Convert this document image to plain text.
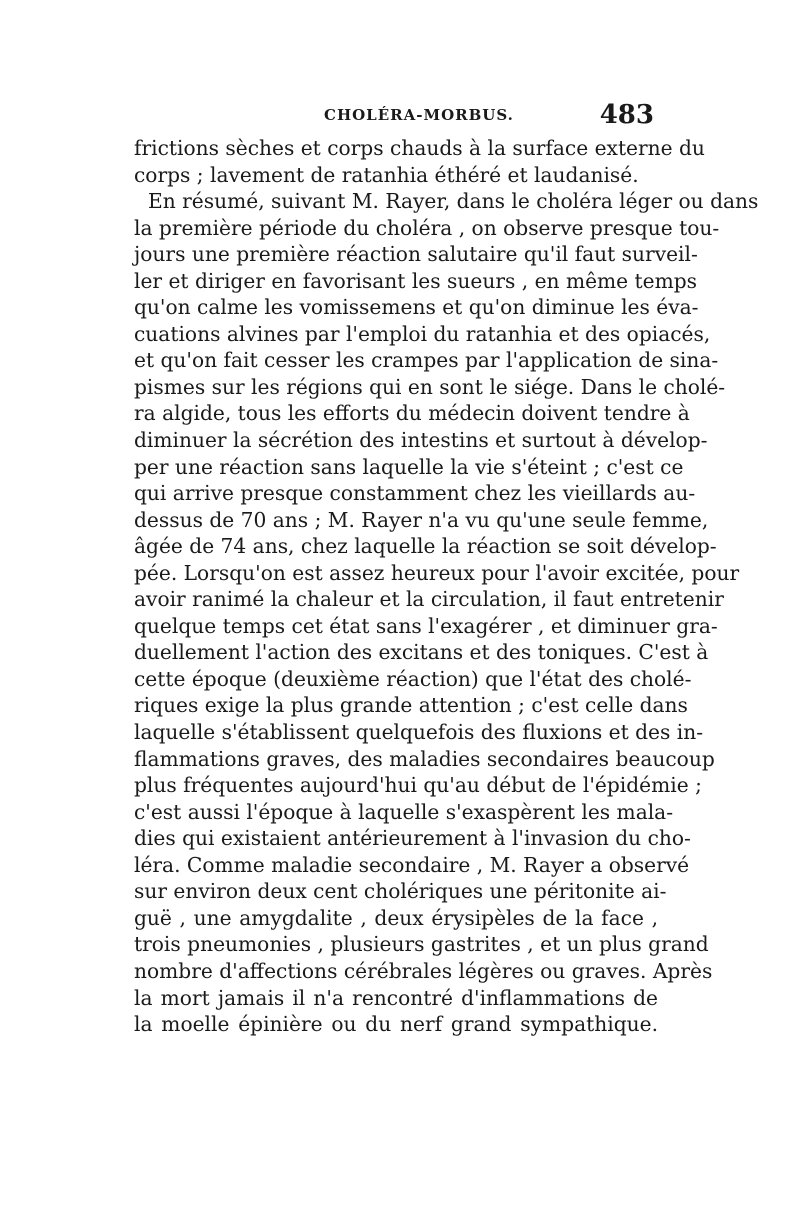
CHOLÉRA-MORBUS.	483
frictions sèches et corps chauds à la surface externe du
corps ; lavement de ratanhia éthéré et laudanisé.
En résumé, suivant M. Rayer, dans le choléra léger ou dans
la première période du choléra , on observe presque tou-
jours une première réaction salutaire qu'il faut surveil-
ler et diriger en favorisant les sueurs , en même temps
qu'on calme les vomissemens et qu'on diminue les éva-
cuations alvines par l'emploi du ratanhia et des opiacés,
et qu'on fait cesser les crampes par l'application de sina-
pismes sur les régions qui en sont le siége. Dans le cholé-
ra algide, tous les efforts du médecin doivent tendre à
diminuer la sécrétion des intestins et surtout à dévelop-
per une réaction sans laquelle la vie s'éteint ; c'est ce
qui arrive presque constamment chez les vieillards au-
dessus de 70 ans ; M. Rayer n'a vu qu'une seule femme,
âgée de 74 ans, chez laquelle la réaction se soit dévelop-
pée. Lorsqu'on est assez heureux pour l'avoir excitée, pour
avoir ranimé la chaleur et la circulation, il faut entretenir
quelque temps cet état sans l'exagérer , et diminuer gra-
duellement l'action des excitans et des toniques. C'est à
cette époque (deuxième réaction) que l'état des cholé-
riques exige la plus grande attention ; c'est celle dans
laquelle s'établissent quelquefois des fluxions et des in-
flammations graves, des maladies secondaires beaucoup
plus fréquentes aujourd'hui qu'au début de l'épidémie ;
c'est aussi l'époque à laquelle s'exaspèrent les mala-
dies qui existaient antérieurement à l'invasion du cho-
léra. Comme maladie secondaire , M. Rayer a observé
sur environ deux cent cholériques une péritonite ai-
guë , une amygdalite , deux érysipèles de la face ,
trois pneumonies , plusieurs gastrites , et un plus grand
nombre d'affections cérébrales légères ou graves. Après
la mort jamais il n'a rencontré d'inflammations de
la moelle épinière ou du nerf grand sympathique.
